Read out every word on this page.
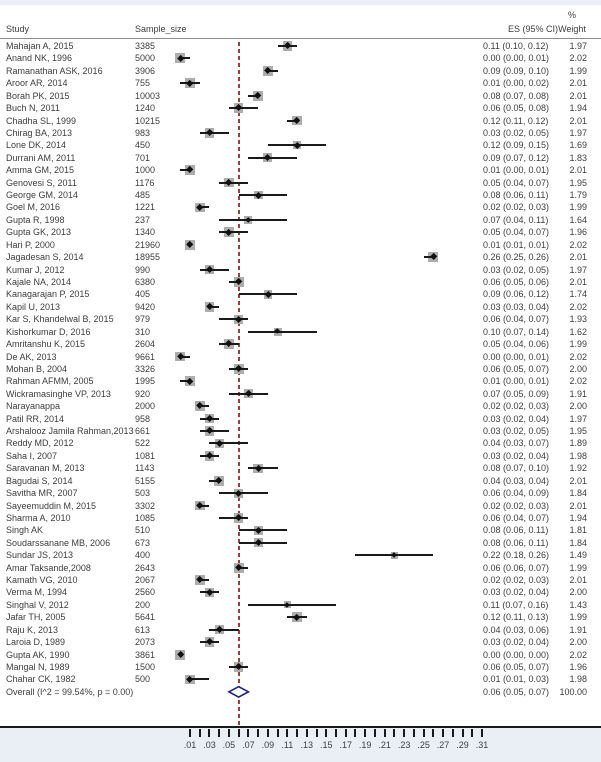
Study	Sample_size	ES (95% CI)
%
Weight
Mahajan A, 2015	3385	0.11 (0.10, 0.12)	1.97
Anand NK, 1996	5000	0.00 (0.00, 0.01)	2.02
Ramanathan ASK, 2016	3906	0.09 (0.09, 0.10)	1.99
Aroor AR, 2014	755	0.01 (0.00, 0.02)	2.01
Borah PK, 2015	10003	0.08 (0.07, 0.08)	2.01
Buch N, 2011	1240	0.06 (0.05, 0.08)	1.94
Chadha SL, 1999	10215	0.12 (0.11, 0.12)	2.01
Chirag BA, 2013	983	0.03 (0.02, 0.05)	1.97
Lone DK, 2014	450	0.12 (0.09, 0.15)	1.69
Durrani AM, 2011	701	0.09 (0.07, 0.12)	1.83
Amma GM, 2015	1000	0.01 (0.00, 0.01)	2.01
Genovesi S, 2011	1176	0.05 (0.04, 0.07)	1.95
George GM, 2014	485	0.08 (0.06, 0.11)	1.79
Goel M, 2016	1221	0.02 (0.02, 0.03)	1.99
Gupta R, 1998	237	0.07 (0.04, 0.11)	1.64
Gupta GK, 2013	1340	0.05 (0.04, 0.07)	1.96
Hari P, 2000	21960	0.01 (0.01, 0.01)	2.02
Jagadesan S, 2014	18955	0.26 (0.25, 0.26)	2.01
Kumar J, 2012	990	0.03 (0.02, 0.05)	1.97
Kajale NA, 2014	6380	0.06 (0.05, 0.06)	2.01
Kanagarajan P, 2015	405	0.09 (0.06, 0.12)	1.74
Kapil U, 2013	9420	0.03 (0.03, 0.04)	2.02
Kar S, Khandelwal B, 2015 979	0.06 (0.04, 0.07)	1.93
Kishorkumar D, 2016	310	0.10 (0.07, 0.14)	1.62
Amritanshu K, 2015	2604	0.05 (0.04, 0.06)	1.99
De AK, 2013	9661	0.00 (0.00, 0.01)	2.02
Mohan B, 2004	3326	0.06 (0.05, 0.07)	2.00
Rahman AFMM, 2005	1995	0.01 (0.00, 0.01)	2.02
Wickramasinghe VP, 2013	920	0.07 (0.05, 0.09)	1.91
Narayanappa	2000	0.02 (0.02, 0.03)	2.00
Patil RR, 2014	958	0.03 (0.02, 0.04)	1.97
Arshalooz Jamila Rahman,2013 661	0.03 (0.02, 0.05)	1.95
Reddy MD, 2012	522	0.04 (0.03, 0.07)	1.89
Saha I, 2007	1081	0.03 (0.02, 0.04)	1.98
Saravanan M, 2013	1143	0.08 (0.07, 0.10)	1.92
Bagudai S, 2014	5155	0.04 (0.03, 0.04)	2.01
Savitha MR, 2007	503	0.06 (0.04, 0.09)	1.84
Sayeemuddin M, 2015	3302	0.02 (0.02, 0.03)	2.01
Sharma A, 2010	1085	0.06 (0.04, 0.07)	1.94
Singh AK	510	0.08 (0.06, 0.11)	1.81
Soudarssanane MB, 2006	673	0.08 (0.06, 0.11)	1.84
Sundar JS, 2013	400	0.22 (0.18, 0.26)	1.49
Amar Taksande,2008	2643	0.06 (0.06, 0.07)	1.99
Kamath VG, 2010	2067	0.02 (0.02, 0.03)	2.01
Verma M, 1994	2560	0.03 (0.02, 0.04)	2.00
Singhal V, 2012	200	0.11 (0.07, 0.16)	1.43
Jafar TH, 2005	5641	0.12 (0.11, 0.13)	1.99
Raju K, 2013	613	0.04 (0.03, 0.06)	1.91
Laroia D, 1989	2073	0.03 (0.02, 0.04)	2.00
Gupta AK, 1990	3861	0.00 (0.00, 0.00)	2.02
Mangal N, 1989	1500	0.06 (0.05, 0.07)	1.96
Chahar CK, 1982	500	0.01 (0.01, 0.03)	1.98
Overall (I^2 = 99.54%, p = 0.00)	0.06 (0.05, 0.07)	100.00
.01 .03 .05 .07 .09 .11 .13 .15 .17 .19 .21 .23 .25 .27 .29 .31
